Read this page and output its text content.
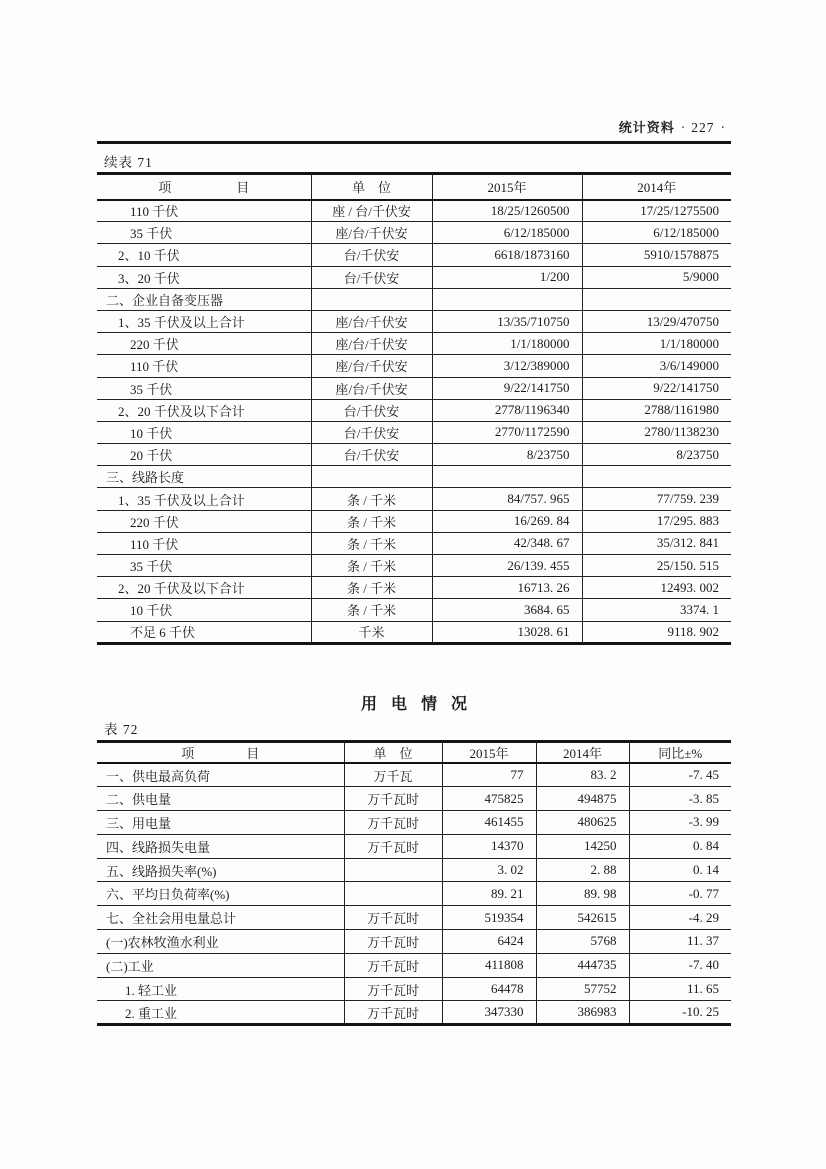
统计资料 · 227 ·
续表 71
项　　　　　目	单　位	2015年	2014年
110 千伏	座 / 台/千伏安	18/25/1260500	17/25/1275500
35 千伏	座/台/千伏安	6/12/185000	6/12/185000
2、10 千伏	台/千伏安	6618/1873160	5910/1578875
3、20 千伏	台/千伏安	1/200	5/9000
二、企业自备变压器			
1、35 千伏及以上合计	座/台/千伏安	13/35/710750	13/29/470750
220 千伏	座/台/千伏安	1/1/180000	1/1/180000
110 千伏	座/台/千伏安	3/12/389000	3/6/149000
35 千伏	座/台/千伏安	9/22/141750	9/22/141750
2、20 千伏及以下合计	台/千伏安	2778/1196340	2788/1161980
10 千伏	台/千伏安	2770/1172590	2780/1138230
20 千伏	台/千伏安	8/23750	8/23750
三、线路长度			
1、35 千伏及以上合计	条 / 千米	84/757. 965	77/759. 239
220 千伏	条 / 千米	16/269. 84	17/295. 883
110 千伏	条 / 千米	42/348. 67	35/312. 841
35 千伏	条 / 千米	26/139. 455	25/150. 515
2、20 千伏及以下合计	条 / 千米	16713. 26	12493. 002
10 千伏	条 / 千米	3684. 65	3374. 1
不足 6 千伏	千米	13028. 61	9118. 902
用电情况
表 72
项　　　　目	单　位	2015年	2014年	同比±%
一、供电最高负荷	万千瓦	77	83. 2	-7. 45
二、供电量	万千瓦时	475825	494875	-3. 85
三、用电量	万千瓦时	461455	480625	-3. 99
四、线路损失电量	万千瓦时	14370	14250	0. 84
五、线路损失率(%)		3. 02	2. 88	0. 14
六、平均日负荷率(%)		89. 21	89. 98	-0. 77
七、全社会用电量总计	万千瓦时	519354	542615	-4. 29
(一)农林牧渔水利业	万千瓦时	6424	5768	11. 37
(二)工业	万千瓦时	411808	444735	-7. 40
1. 轻工业	万千瓦时	64478	57752	11. 65
2. 重工业	万千瓦时	347330	386983	-10. 25
